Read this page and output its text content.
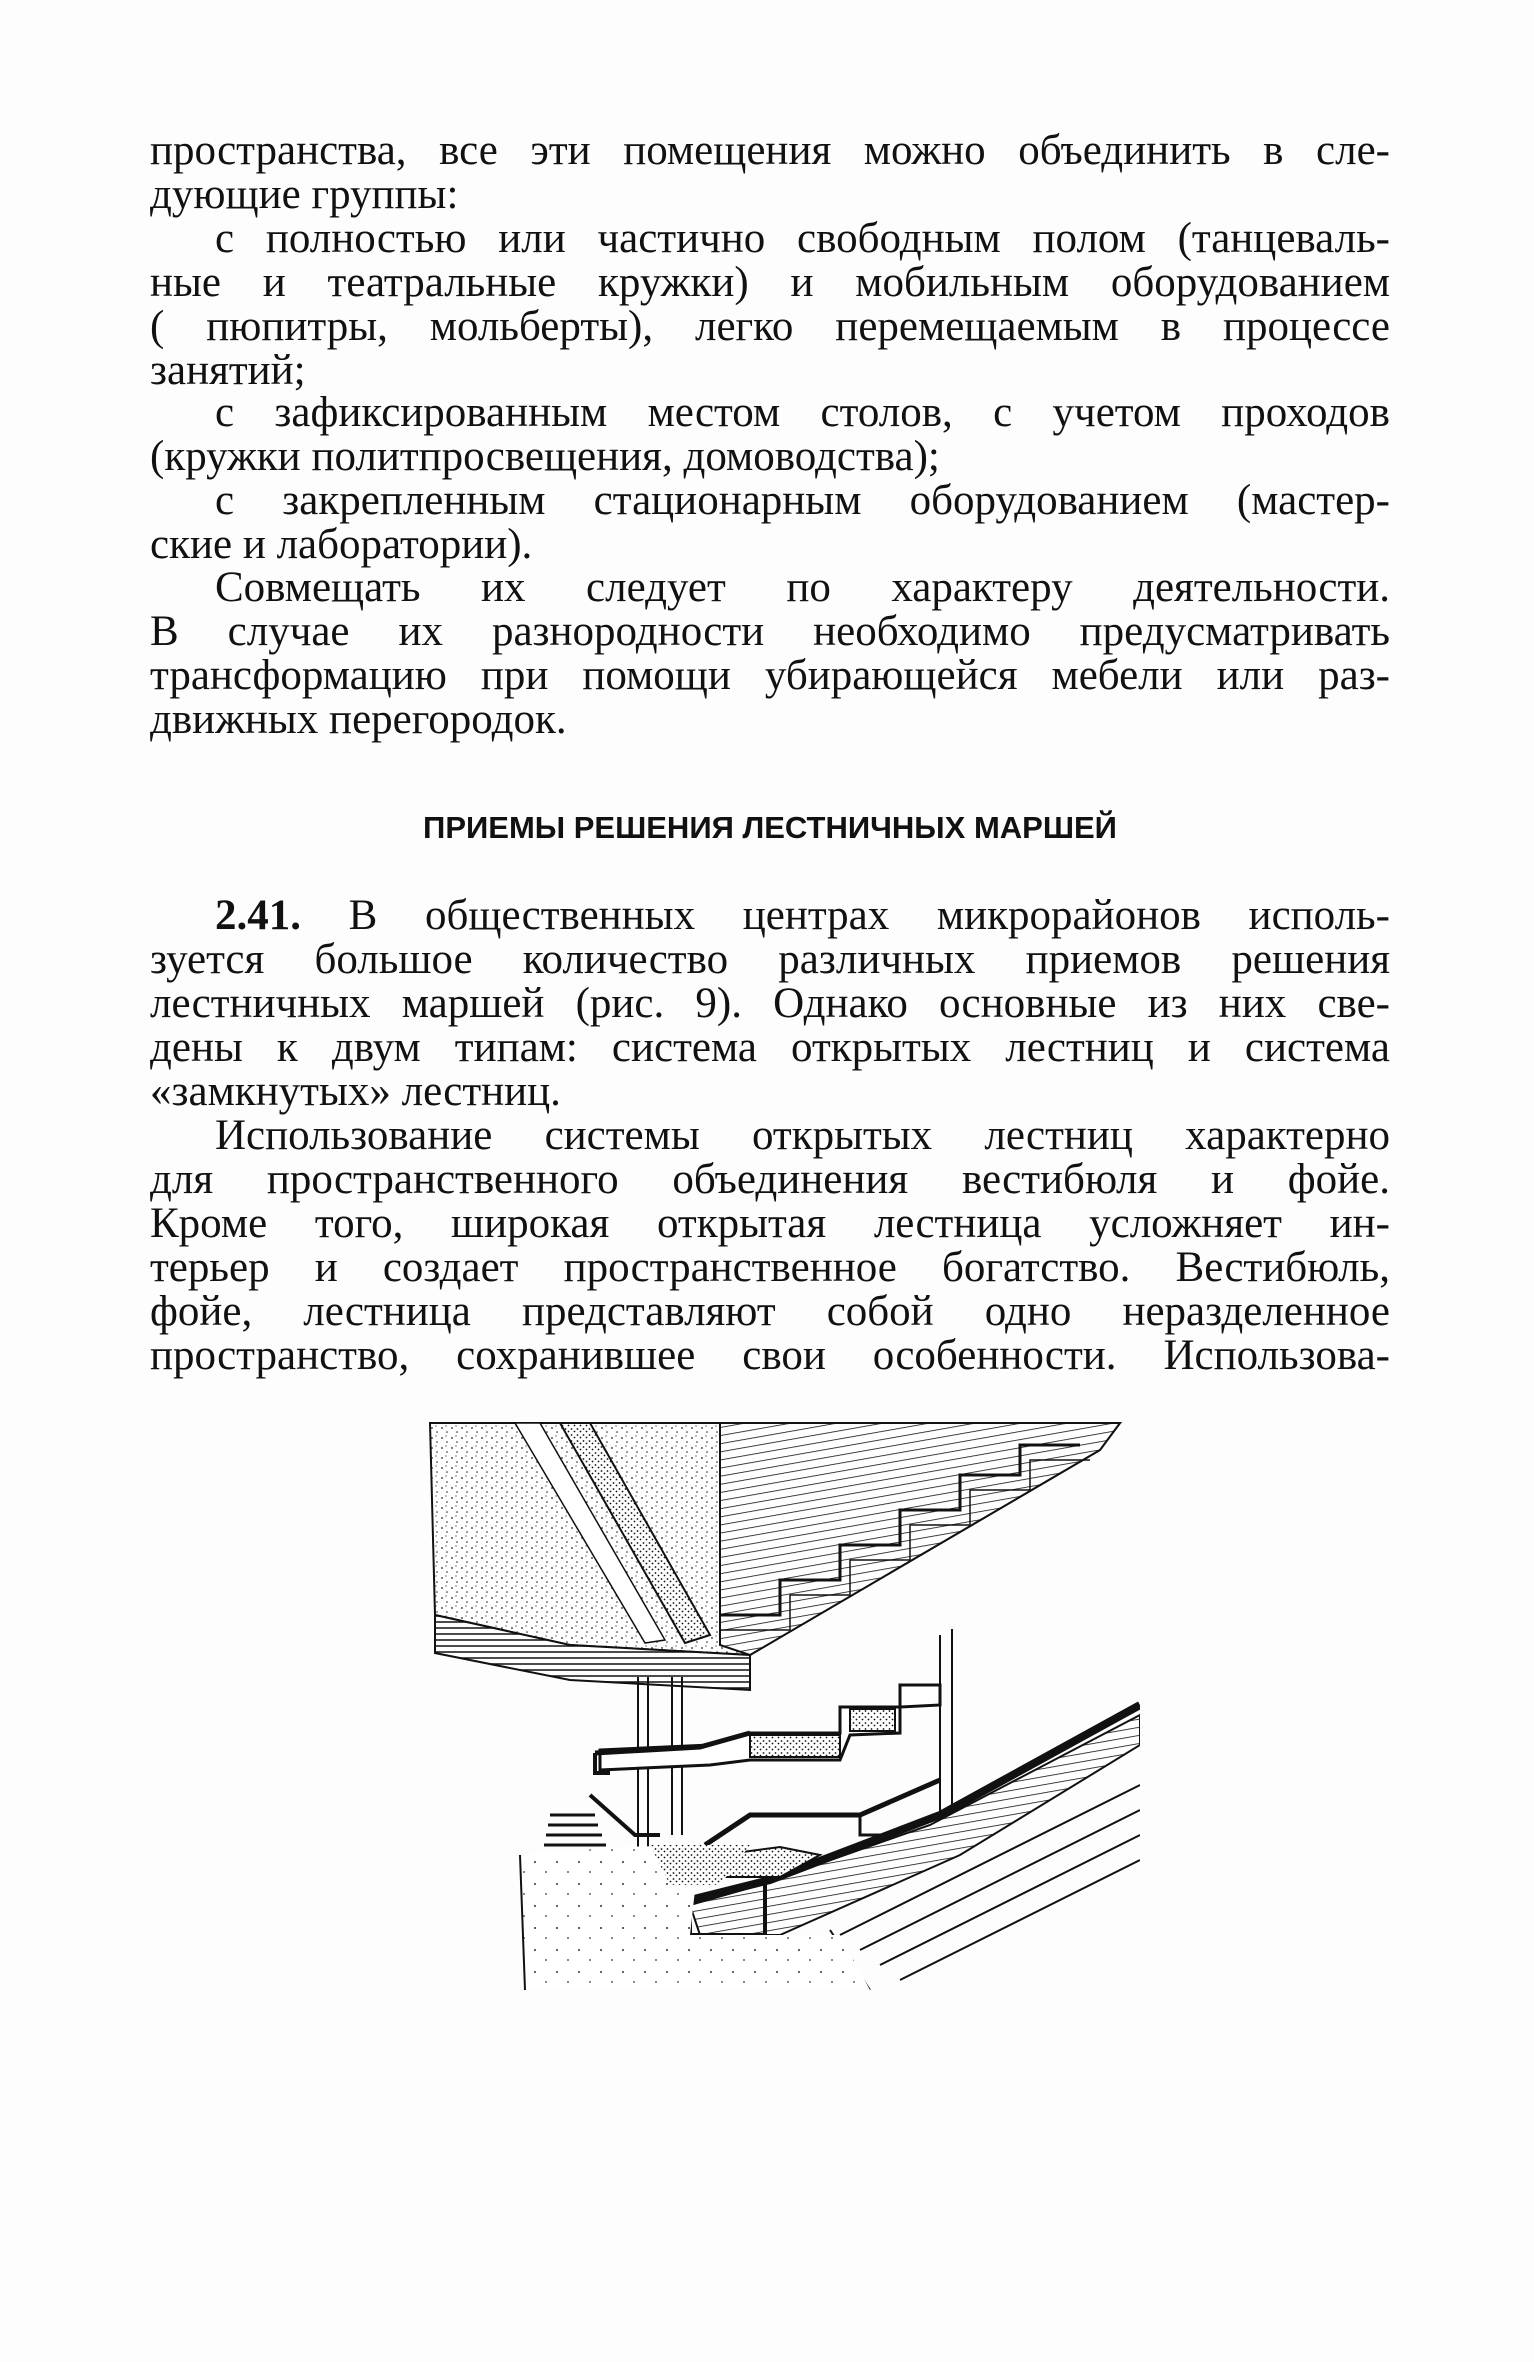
пространства, все эти помещения можно объединить в сле-
дующие группы:
с полностью или частично свободным полом (танцеваль-
ные и театральные кружки) и мобильным оборудованием
( пюпитры, мольберты), легко перемещаемым в процессе
занятий;
с зафиксированным местом столов, с учетом проходов
(кружки политпросвещения, домоводства);
с закрепленным стационарным оборудованием (мастер-
ские и лаборатории).
Совмещать их следует по характеру деятельности.
В случае их разнородности необходимо предусматривать
трансформацию при помощи убирающейся мебели или раз-
движных перегородок.
ПРИЕМЫ РЕШЕНИЯ ЛЕСТНИЧНЫХ МАРШЕЙ
2.41. В общественных центрах микрорайонов исполь-
зуется большое количество различных приемов решения
лестничных маршей (рис. 9). Однако основные из них све-
дены к двум типам: система открытых лестниц и система
«замкнутых» лестниц.
Использование системы открытых лестниц характерно
для пространственного объединения вестибюля и фойе.
Кроме того, широкая открытая лестница усложняет ин-
терьер и создает пространственное богатство. Вестибюль,
фойе, лестница представляют собой одно неразделенное
пространство, сохранившее свои особенности. Использова-
